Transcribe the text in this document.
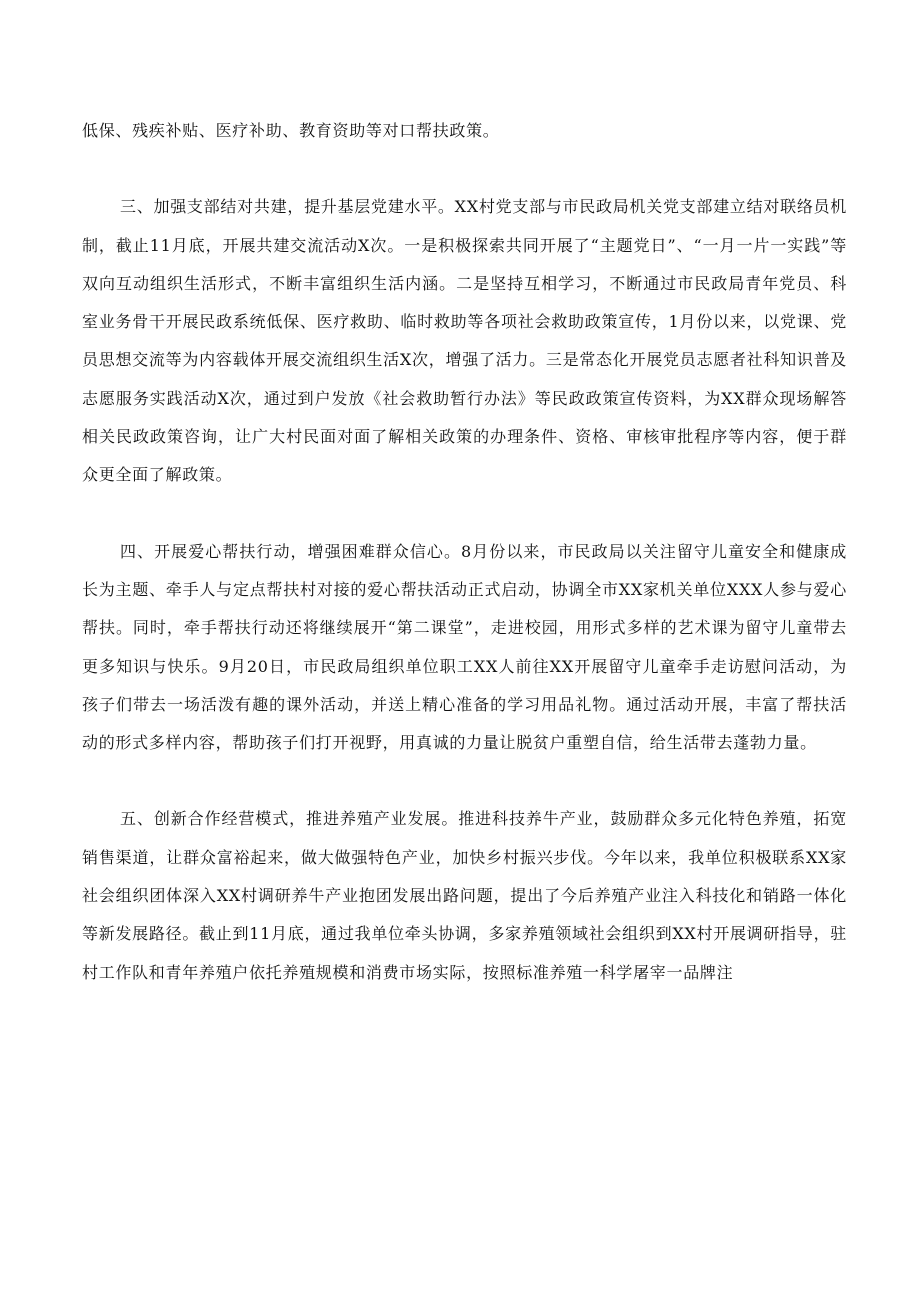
低保、残疾补贴、医疗补助、教育资助等对口帮扶政策。

三、加强支部结对共建，提升基层党建水平。XX村党支部与市民政局机关党支部建立结对联络员机制，截止11月底，开展共建交流活动X次。一是积极探索共同开展了“主题党日”、“一月一片一实践”等双向互动组织生活形式，不断丰富组织生活内涵。二是坚持互相学习，不断通过市民政局青年党员、科室业务骨干开展民政系统低保、医疗救助、临时救助等各项社会救助政策宣传，1月份以来，以党课、党员思想交流等为内容载体开展交流组织生活X次，增强了活力。三是常态化开展党员志愿者社科知识普及志愿服务实践活动X次，通过到户发放《社会救助暂行办法》等民政政策宣传资料，为XX群众现场解答相关民政政策咨询，让广大村民面对面了解相关政策的办理条件、资格、审核审批程序等内容，便于群众更全面了解政策。

四、开展爱心帮扶行动，增强困难群众信心。8月份以来，市民政局以关注留守儿童安全和健康成长为主题、牵手人与定点帮扶村对接的爱心帮扶活动正式启动，协调全市XX家机关单位XXX人参与爱心帮扶。同时，牵手帮扶行动还将继续展开“第二课堂”，走进校园，用形式多样的艺术课为留守儿童带去更多知识与快乐。9月20日，市民政局组织单位职工XX人前往XX开展留守儿童牵手走访慰问活动，为孩子们带去一场活泼有趣的课外活动，并送上精心准备的学习用品礼物。通过活动开展，丰富了帮扶活动的形式多样内容，帮助孩子们打开视野，用真诚的力量让脱贫户重塑自信，给生活带去蓬勃力量。

五、创新合作经营模式，推进养殖产业发展。推进科技养牛产业，鼓励群众多元化特色养殖，拓宽销售渠道，让群众富裕起来，做大做强特色产业，加快乡村振兴步伐。今年以来，我单位积极联系XX家社会组织团体深入XX村调研养牛产业抱团发展出路问题，提出了今后养殖产业注入科技化和销路一体化等新发展路径。截止到11月底，通过我单位牵头协调，多家养殖领域社会组织到XX村开展调研指导，驻村工作队和青年养殖户依托养殖规模和消费市场实际，按照标准养殖一科学屠宰一品牌注
